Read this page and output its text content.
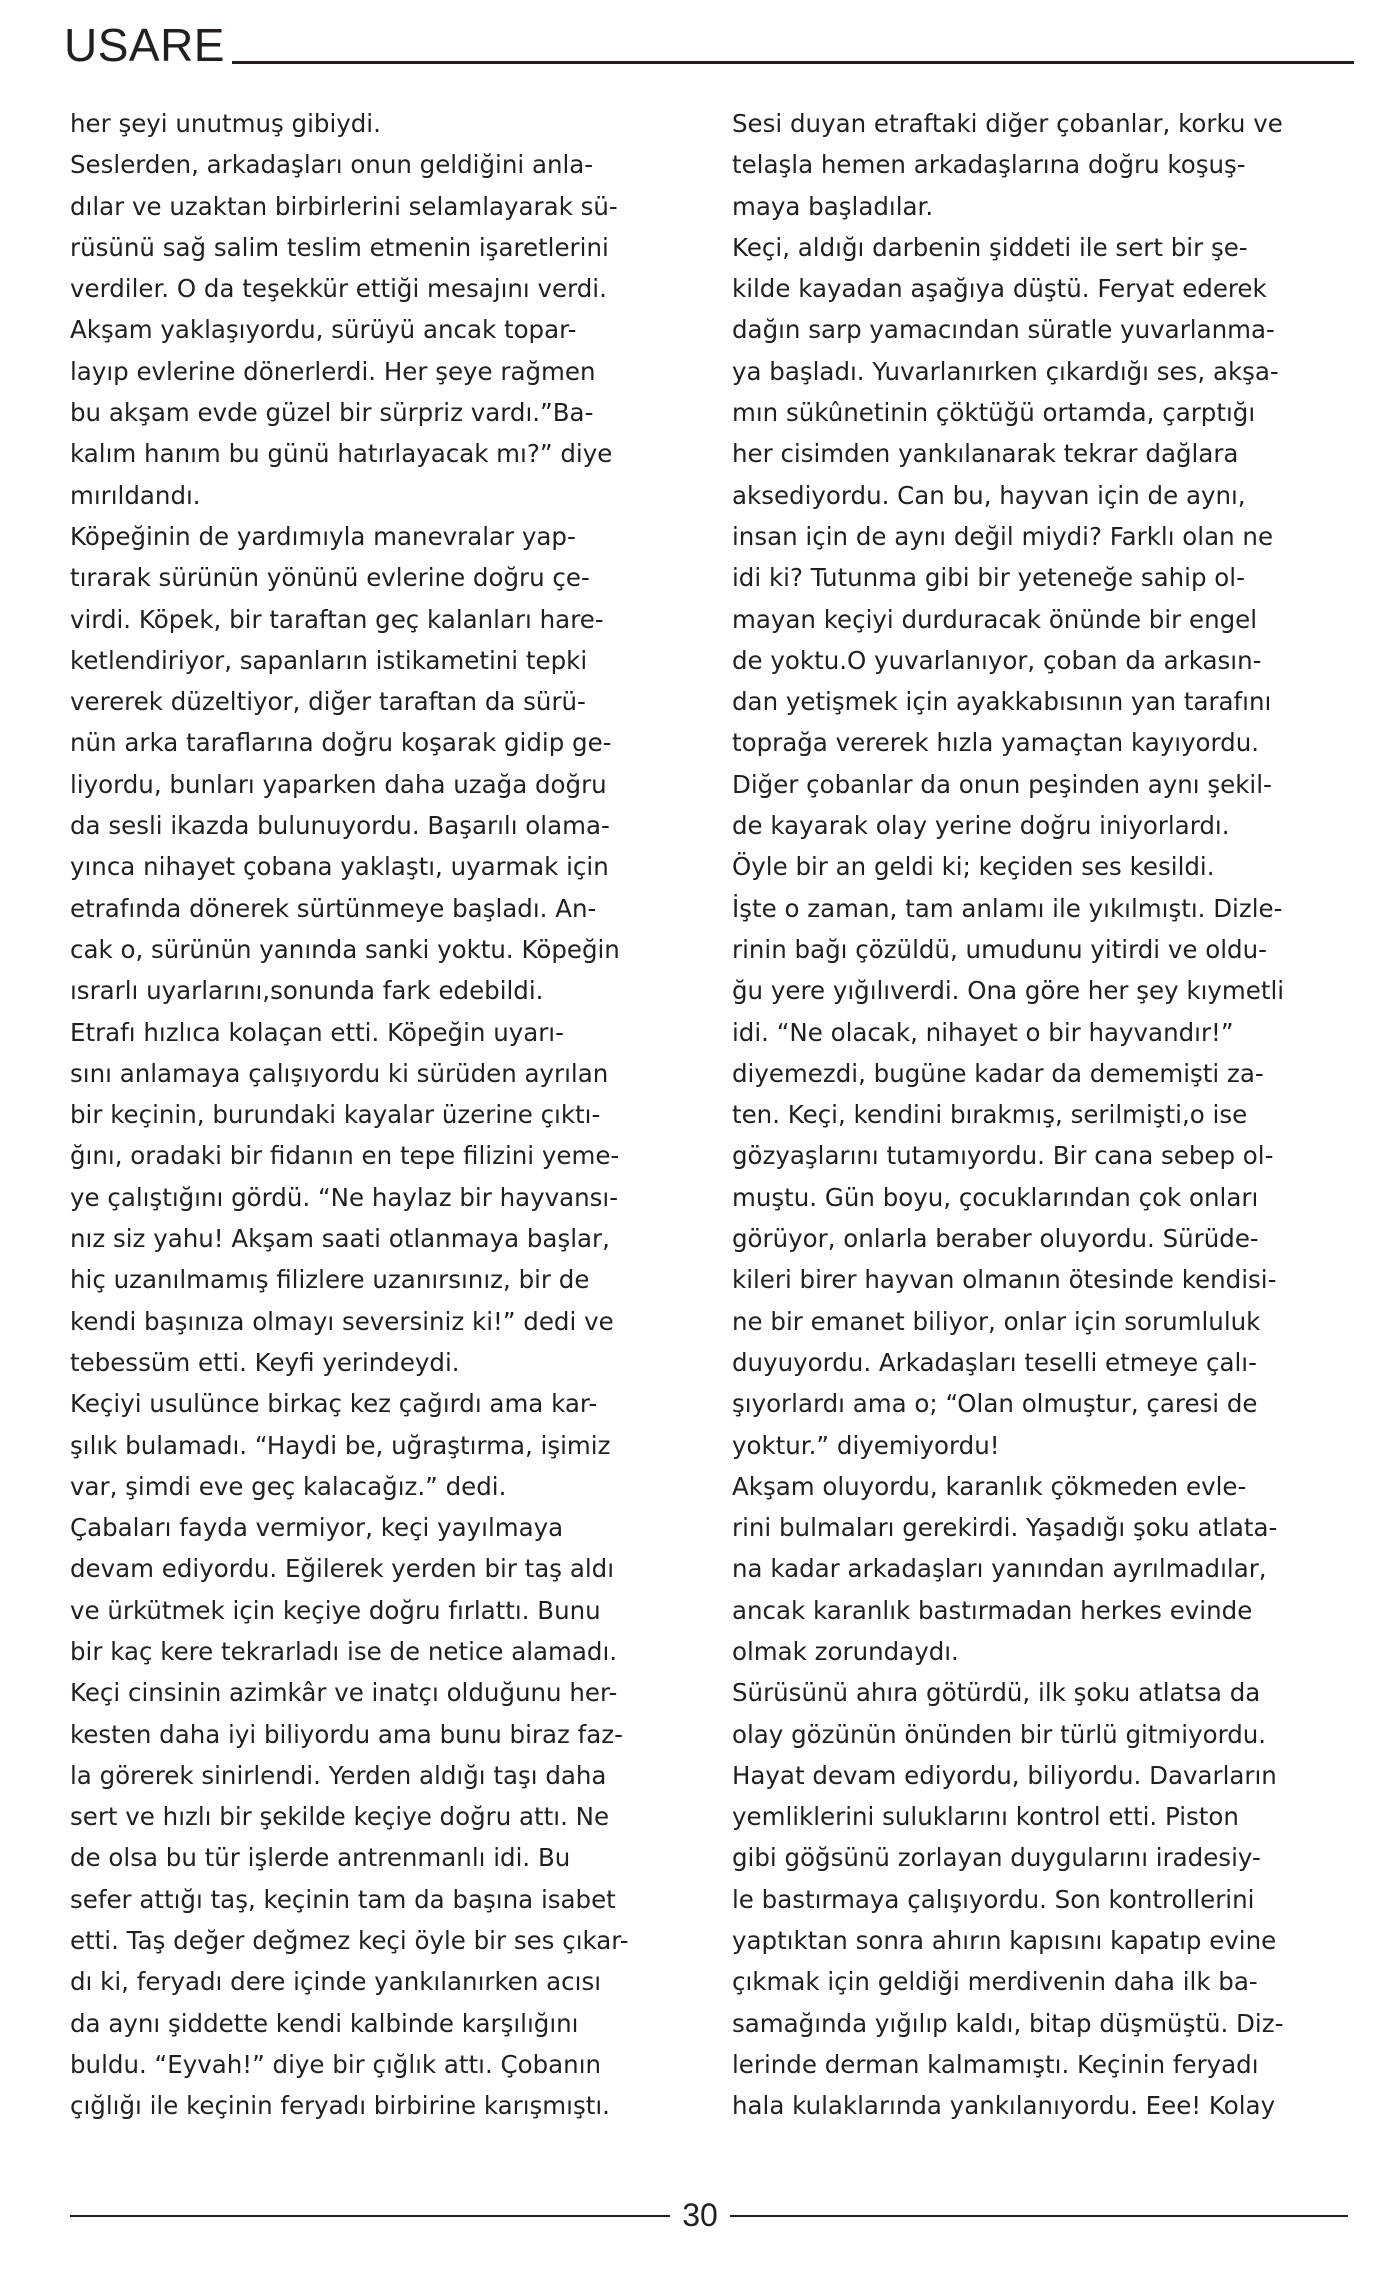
USARE

her şeyi unutmuş gibiydi.

Seslerden, arkadaşları onun geldiğini anla-
dılar ve uzaktan birbirlerini selamlayarak sü-
rüsünü sağ salim teslim etmenin işaretlerini
verdiler. O da teşekkür ettiği mesajını verdi.

Akşam yaklaşıyordu, sürüyü ancak topar-
layıp evlerine dönerlerdi. Her şeye rağmen
bu akşam evde güzel bir sürpriz vardı.”Ba-
kalım hanım bu günü hatırlayacak mı?” diye
mırıldandı.

Köpeğinin de yardımıyla manevralar yap-
tırarak sürünün yönünü evlerine doğru çe-
virdi. Köpek, bir taraftan geç kalanları hare-
ketlendiriyor, sapanların istikametini tepki
vererek düzeltiyor, diğer taraftan da sürü-
nün arka taraflarına doğru koşarak gidip ge-
liyordu, bunları yaparken daha uzağa doğru
da sesli ikazda bulunuyordu. Başarılı olama-
yınca nihayet çobana yaklaştı, uyarmak için
etrafında dönerek sürtünmeye başladı. An-
cak o, sürünün yanında sanki yoktu. Köpeğin
ısrarlı uyarlarını,sonunda fark edebildi.

Etrafı hızlıca kolaçan etti. Köpeğin uyarı-
sını anlamaya çalışıyordu ki sürüden ayrılan
bir keçinin, burundaki kayalar üzerine çıktı-
ğını, oradaki bir fidanın en tepe filizini yeme-
ye çalıştığını gördü. “Ne haylaz bir hayvansı-
nız siz yahu! Akşam saati otlanmaya başlar,
hiç uzanılmamış filizlere uzanırsınız, bir de
kendi başınıza olmayı seversiniz ki!” dedi ve
tebessüm etti. Keyfi yerindeydi.

Keçiyi usulünce birkaç kez çağırdı ama kar-
şılık bulamadı. “Haydi be, uğraştırma, işimiz
var, şimdi eve geç kalacağız.” dedi.

Çabaları fayda vermiyor, keçi yayılmaya
devam ediyordu. Eğilerek yerden bir taş aldı
ve ürkütmek için keçiye doğru fırlattı. Bunu
bir kaç kere tekrarladı ise de netice alamadı.
Keçi cinsinin azimkâr ve inatçı olduğunu her-
kesten daha iyi biliyordu ama bunu biraz faz-
la görerek sinirlendi. Yerden aldığı taşı daha
sert ve hızlı bir şekilde keçiye doğru attı. Ne
de olsa bu tür işlerde antrenmanlı idi. Bu
sefer attığı taş, keçinin tam da başına isabet
etti. Taş değer değmez keçi öyle bir ses çıkar-
dı ki, feryadı dere içinde yankılanırken acısı
da aynı şiddette kendi kalbinde karşılığını
buldu. “Eyvah!” diye bir çığlık attı. Çobanın
çığlığı ile keçinin feryadı birbirine karışmıştı.

Sesi duyan etraftaki diğer çobanlar, korku ve
telaşla hemen arkadaşlarına doğru koşuş-
maya başladılar.

Keçi, aldığı darbenin şiddeti ile sert bir şe-
kilde kayadan aşağıya düştü. Feryat ederek
dağın sarp yamacından süratle yuvarlanma-
ya başladı. Yuvarlanırken çıkardığı ses, akşa-
mın sükûnetinin çöktüğü ortamda, çarptığı
her cisimden yankılanarak tekrar dağlara
aksediyordu. Can bu, hayvan için de aynı,
insan için de aynı değil miydi? Farklı olan ne
idi ki? Tutunma gibi bir yeteneğe sahip ol-
mayan keçiyi durduracak önünde bir engel
de yoktu.O yuvarlanıyor, çoban da arkasın-
dan yetişmek için ayakkabısının yan tarafını
toprağa vererek hızla yamaçtan kayıyordu.
Diğer çobanlar da onun peşinden aynı şekil-
de kayarak olay yerine doğru iniyorlardı.

Öyle bir an geldi ki; keçiden ses kesildi.
İşte o zaman, tam anlamı ile yıkılmıştı. Dizle-
rinin bağı çözüldü, umudunu yitirdi ve oldu-
ğu yere yığılıverdi. Ona göre her şey kıymetli
idi. “Ne olacak, nihayet o bir hayvandır!”
diyemezdi, bugüne kadar da dememişti za-
ten. Keçi, kendini bırakmış, serilmişti,o ise
gözyaşlarını tutamıyordu. Bir cana sebep ol-
muştu. Gün boyu, çocuklarından çok onları
görüyor, onlarla beraber oluyordu. Sürüde-
kileri birer hayvan olmanın ötesinde kendisi-
ne bir emanet biliyor, onlar için sorumluluk
duyuyordu. Arkadaşları teselli etmeye çalı-
şıyorlardı ama o; “Olan olmuştur, çaresi de
yoktur.” diyemiyordu!

Akşam oluyordu, karanlık çökmeden evle-
rini bulmaları gerekirdi. Yaşadığı şoku atlata-
na kadar arkadaşları yanından ayrılmadılar,
ancak karanlık bastırmadan herkes evinde
olmak zorundaydı.

Sürüsünü ahıra götürdü, ilk şoku atlatsa da
olay gözünün önünden bir türlü gitmiyordu.
Hayat devam ediyordu, biliyordu. Davarların
yemliklerini suluklarını kontrol etti. Piston
gibi göğsünü zorlayan duygularını iradesiy-
le bastırmaya çalışıyordu. Son kontrollerini
yaptıktan sonra ahırın kapısını kapatıp evine
çıkmak için geldiği merdivenin daha ilk ba-
samağında yığılıp kaldı, bitap düşmüştü. Diz-
lerinde derman kalmamıştı. Keçinin feryadı
hala kulaklarında yankılanıyordu. Eee! Kolay

30
